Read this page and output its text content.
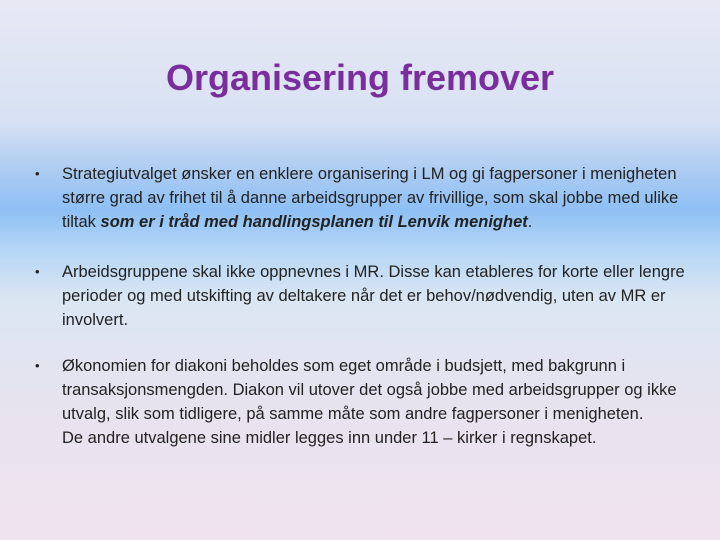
Organisering fremover
• Strategiutvalget ønsker en enklere organisering i LM og gi fagpersoner i menigheten større grad av frihet til å danne arbeidsgrupper av frivillige, som skal jobbe med ulike tiltak som er i tråd med handlingsplanen til Lenvik menighet.
• Arbeidsgruppene skal ikke oppnevnes i MR. Disse kan etableres for korte eller lengre perioder og med utskifting av deltakere når det er behov/nødvendig, uten av MR er involvert.
• Økonomien for diakoni beholdes som eget område i budsjett, med bakgrunn i transaksjonsmengden. Diakon vil utover det også jobbe med arbeidsgrupper og ikke utvalg, slik som tidligere, på samme måte som andre fagpersoner i menigheten.
De andre utvalgene sine midler legges inn under 11 – kirker i regnskapet.
